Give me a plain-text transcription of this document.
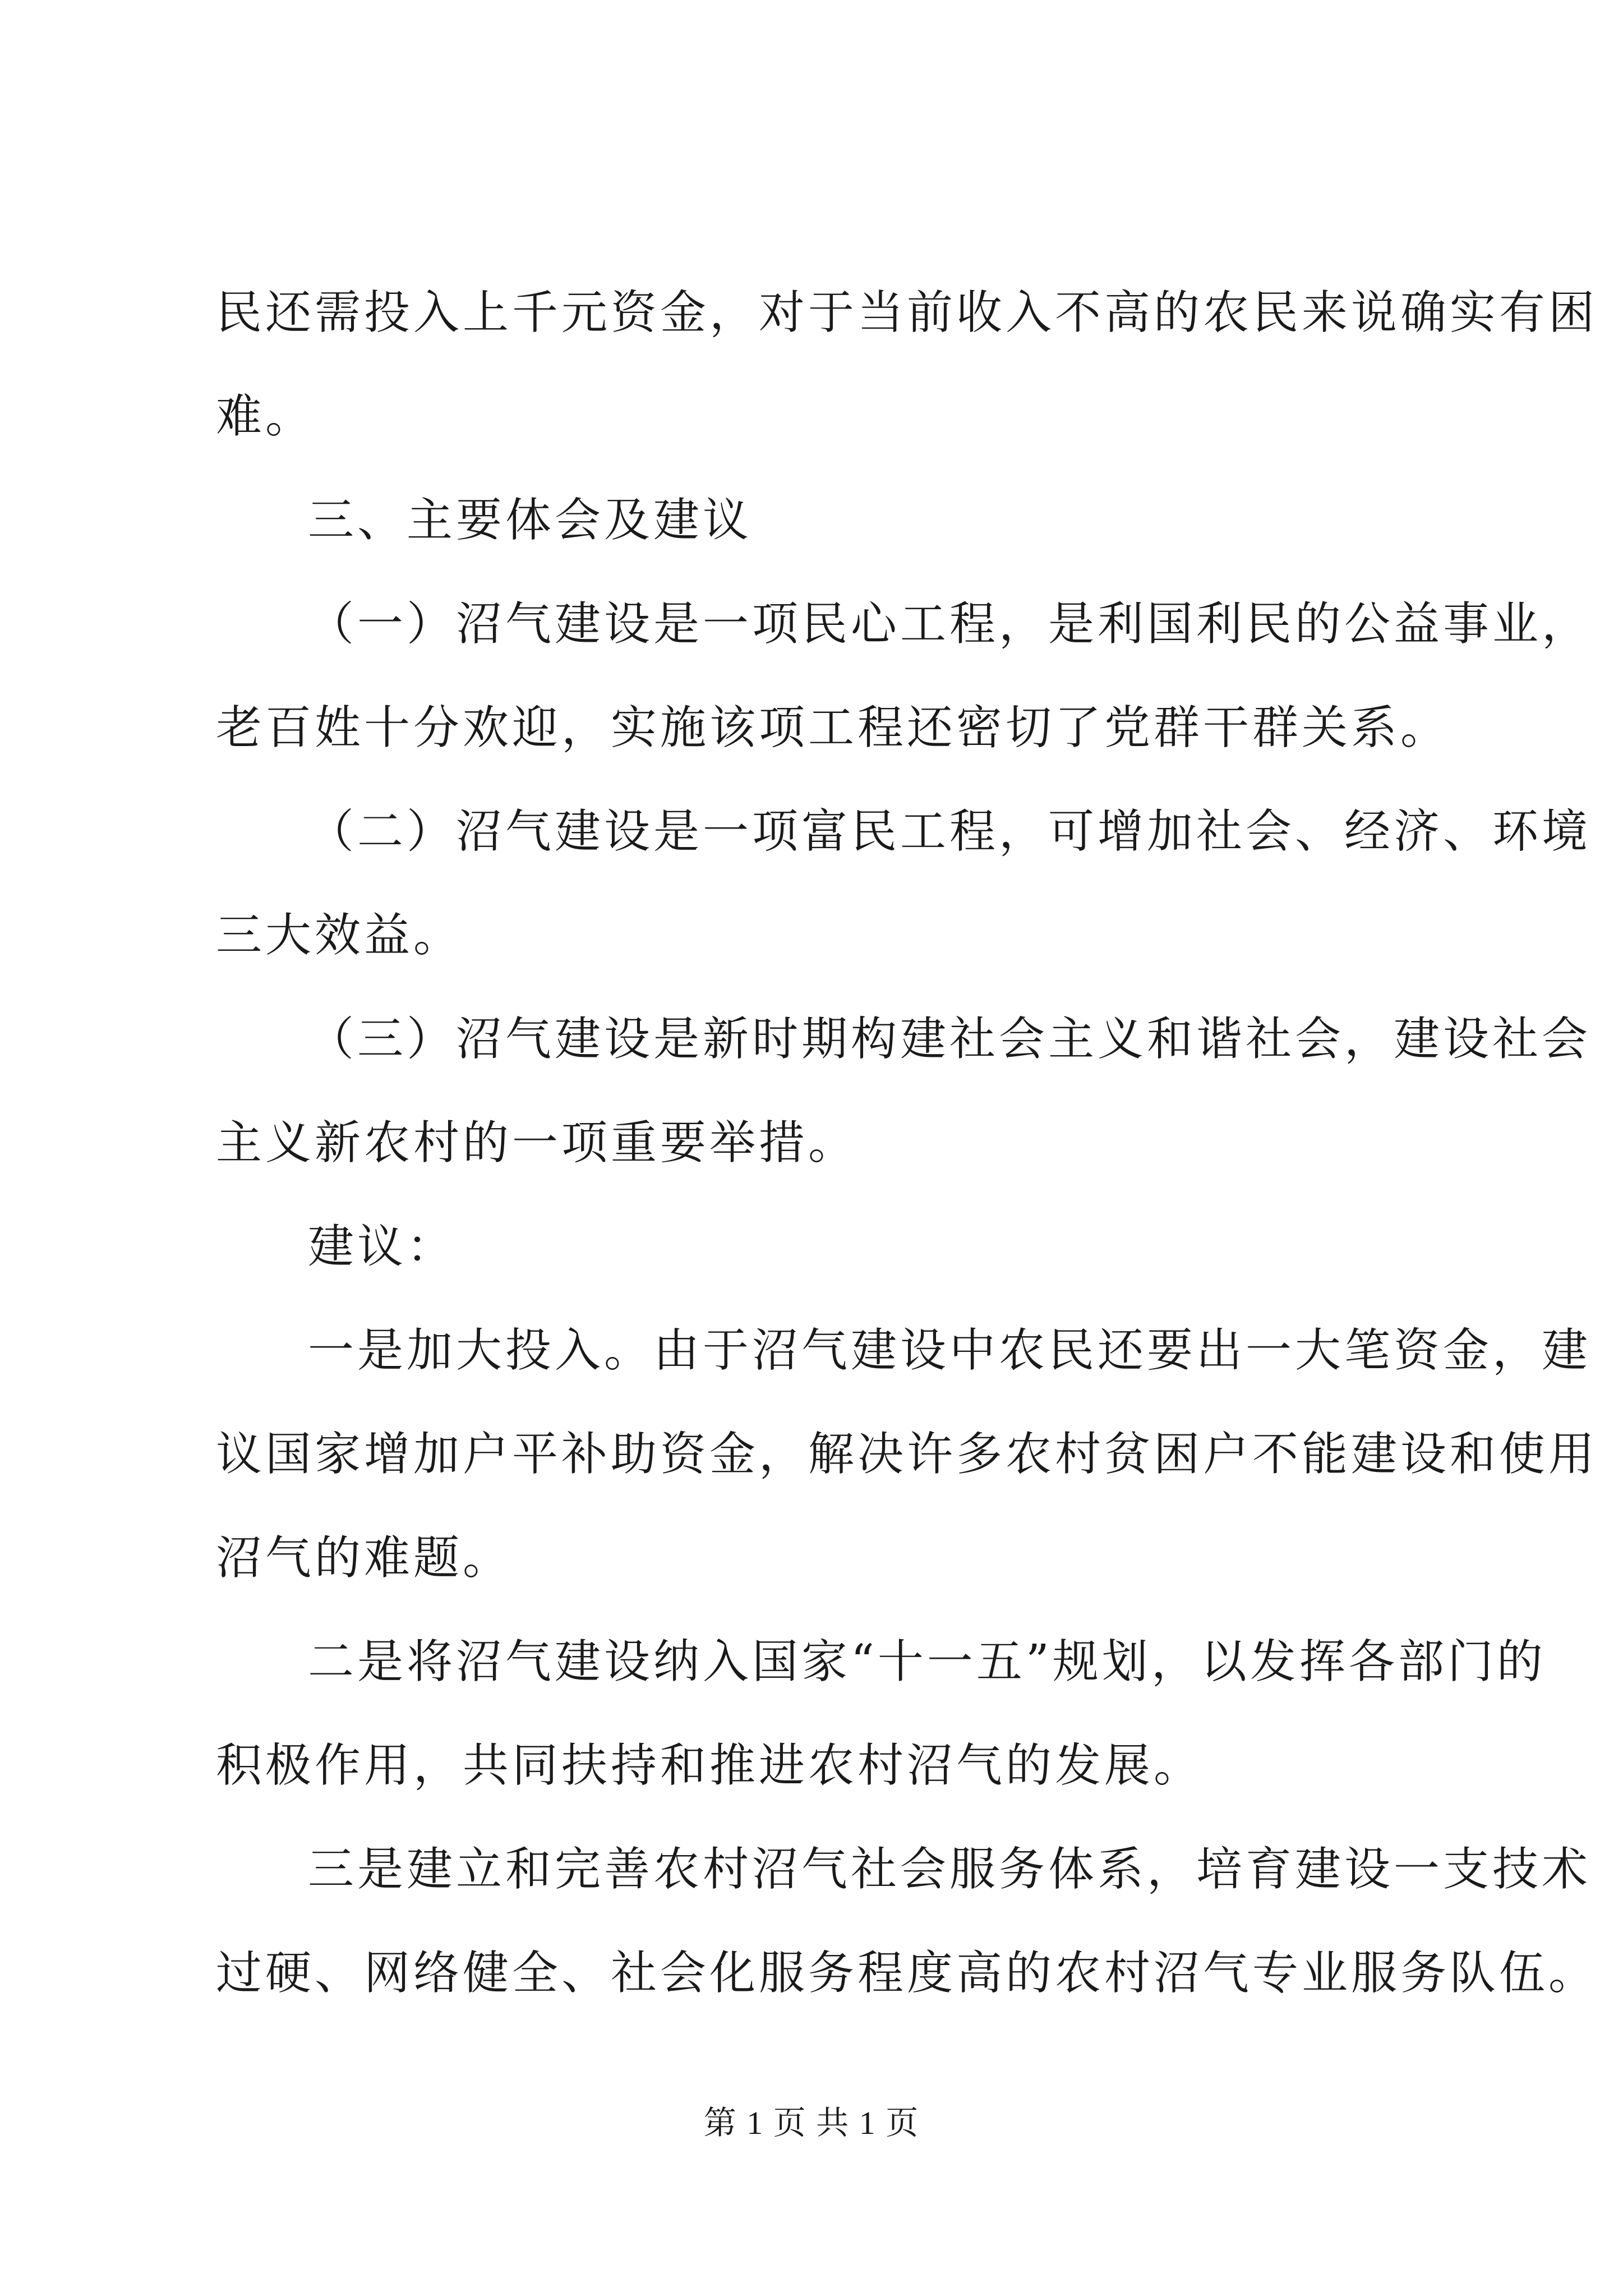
民还需投入上千元资金，对于当前收入不高的农民来说确实有困

难。

三、主要体会及建议

（一）沼气建设是一项民心工程，是利国利民的公益事业，

老百姓十分欢迎，实施该项工程还密切了党群干群关系。

（二）沼气建设是一项富民工程，可增加社会、经济、环境

三大效益。

（三）沼气建设是新时期构建社会主义和谐社会，建设社会

主义新农村的一项重要举措。

建议：

一是加大投入。由于沼气建设中农民还要出一大笔资金，建

议国家增加户平补助资金，解决许多农村贫困户不能建设和使用

沼气的难题。

二是将沼气建设纳入国家“十一五”规划，以发挥各部门的

积极作用，共同扶持和推进农村沼气的发展。

三是建立和完善农村沼气社会服务体系，培育建设一支技术

过硬、网络健全、社会化服务程度高的农村沼气专业服务队伍。

第 1 页 共 1 页
